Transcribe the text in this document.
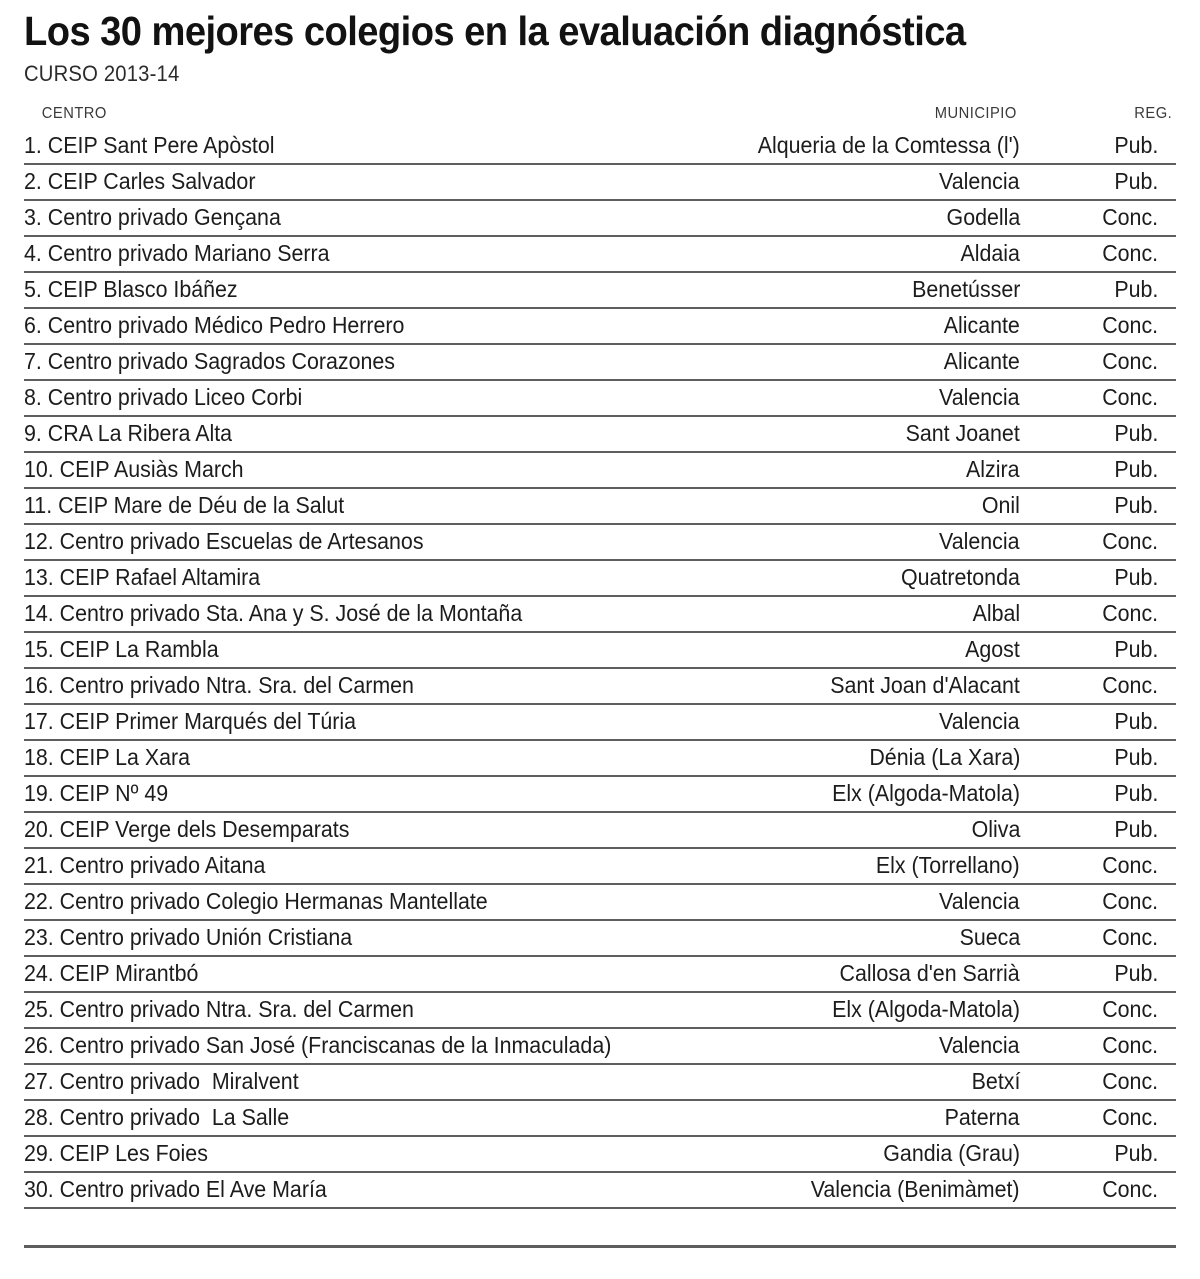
Los 30 mejores colegios en la evaluación diagnóstica
CURSO 2013-14
CENTRO	MUNICIPIO	REG.
1. CEIP Sant Pere Apòstol	Alqueria de la Comtessa (l')	Pub.
2. CEIP Carles Salvador	Valencia	Pub.
3. Centro privado Gençana	Godella	Conc.
4. Centro privado Mariano Serra	Aldaia	Conc.
5. CEIP Blasco Ibáñez	Benetússer	Pub.
6. Centro privado Médico Pedro Herrero	Alicante	Conc.
7. Centro privado Sagrados Corazones	Alicante	Conc.
8. Centro privado Liceo Corbi	Valencia	Conc.
9. CRA La Ribera Alta	Sant Joanet	Pub.
10. CEIP Ausiàs March	Alzira	Pub.
11. CEIP Mare de Déu de la Salut	Onil	Pub.
12. Centro privado Escuelas de Artesanos	Valencia	Conc.
13. CEIP Rafael Altamira	Quatretonda	Pub.
14. Centro privado Sta. Ana y S. José de la Montaña	Albal	Conc.
15. CEIP La Rambla	Agost	Pub.
16. Centro privado Ntra. Sra. del Carmen	Sant Joan d'Alacant	Conc.
17. CEIP Primer Marqués del Túria	Valencia	Pub.
18. CEIP La Xara	Dénia (La Xara)	Pub.
19. CEIP Nº 49	Elx (Algoda-Matola)	Pub.
20. CEIP Verge dels Desemparats	Oliva	Pub.
21. Centro privado Aitana	Elx (Torrellano)	Conc.
22. Centro privado Colegio Hermanas Mantellate	Valencia	Conc.
23. Centro privado Unión Cristiana	Sueca	Conc.
24. CEIP Mirantbó	Callosa d'en Sarrià	Pub.
25. Centro privado Ntra. Sra. del Carmen	Elx (Algoda-Matola)	Conc.
26. Centro privado San José (Franciscanas de la Inmaculada)	Valencia	Conc.
27. Centro privado  Miralvent	Betxí	Conc.
28. Centro privado  La Salle	Paterna	Conc.
29. CEIP Les Foies	Gandia (Grau)	Pub.
30. Centro privado El Ave María	Valencia (Benimàmet)	Conc.
